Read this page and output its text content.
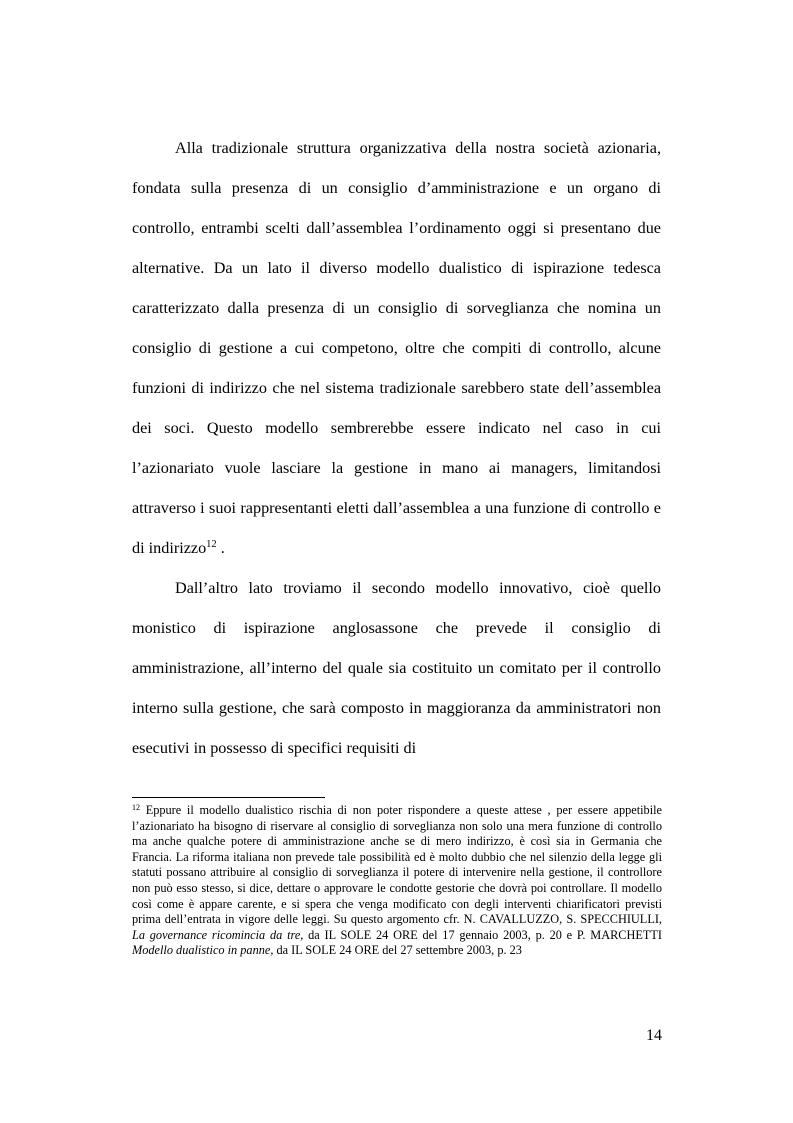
Alla tradizionale struttura organizzativa della nostra società azionaria, fondata sulla presenza di un consiglio d’amministrazione e un organo di controllo, entrambi scelti dall’assemblea l’ordinamento oggi si presentano due alternative. Da un lato il diverso modello dualistico di ispirazione tedesca caratterizzato dalla presenza di un consiglio di sorveglianza che nomina un consiglio di gestione a cui competono, oltre che compiti di controllo, alcune funzioni di indirizzo che nel sistema tradizionale sarebbero state dell’assemblea dei soci. Questo modello sembrerebbe essere indicato nel caso in cui l’azionariato vuole lasciare la gestione in mano ai managers, limitandosi attraverso i suoi rappresentanti eletti dall’assemblea a una funzione di controllo e di indirizzo$^{12}$ .

Dall’altro lato troviamo il secondo modello innovativo, cioè quello monistico di ispirazione anglosassone che prevede il consiglio di amministrazione, all’interno del quale sia costituito un comitato per il controllo interno sulla gestione, che sarà composto in maggioranza da amministratori non esecutivi in possesso di specifici requisiti di

$^{12}$ Eppure il modello dualistico rischia di non poter rispondere a queste attese , per essere appetibile l’azionariato ha bisogno di riservare al consiglio di sorveglianza non solo una mera funzione di controllo ma anche qualche potere di amministrazione anche se di mero indirizzo, è così sia in Germania che Francia. La riforma italiana non prevede tale possibilità ed è molto dubbio che nel silenzio della legge gli statuti possano attribuire al consiglio di sorveglianza il potere di intervenire nella gestione, il controllore non può esso stesso, si dice, dettare o approvare le condotte gestorie che dovrà poi controllare. Il modello così come è appare carente, e si spera che venga modificato con degli interventi chiarificatori previsti prima dell’entrata in vigore delle leggi. Su questo argomento cfr. N. CAVALLUZZO, S. SPECCHIULLI, La governance ricomincia da tre, da IL SOLE 24 ORE del 17 gennaio 2003, p. 20 e P. MARCHETTI Modello dualistico in panne, da IL SOLE 24 ORE del 27 settembre 2003, p. 23

14
